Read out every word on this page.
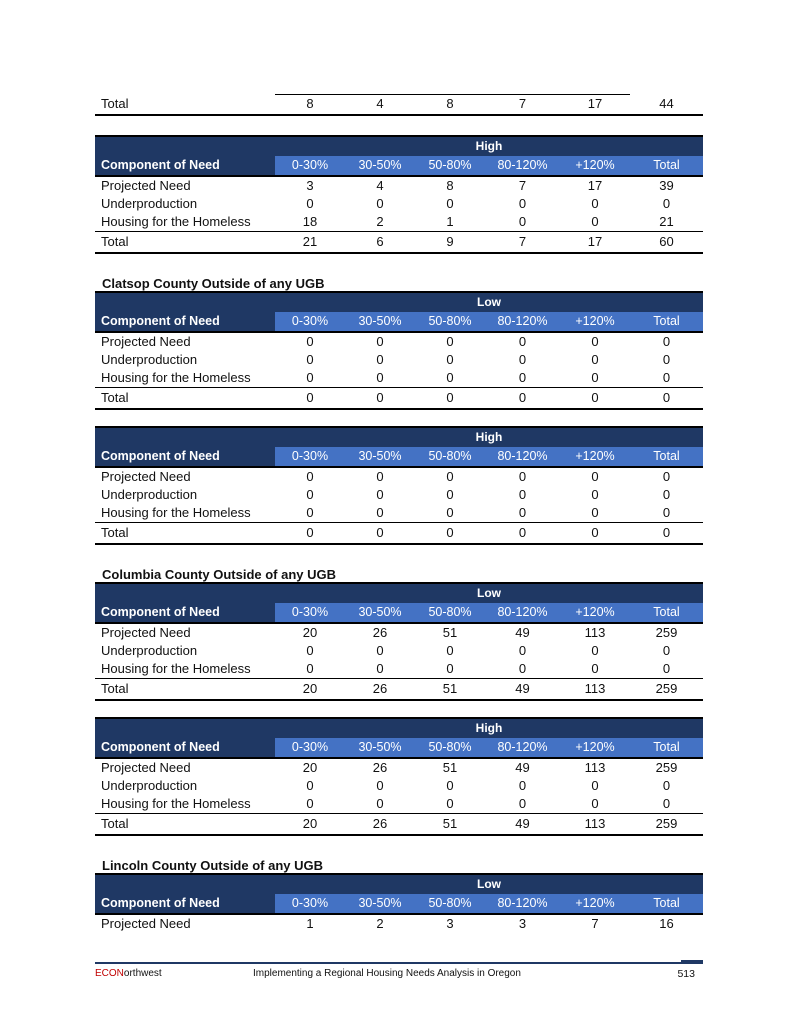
Total	8	4	8	7	17	44
High
Component of Need	0-30%	30-50%	50-80%	80-120%	+120%	Total
Projected Need	3	4	8	7	17	39
Underproduction	0	0	0	0	0	0
Housing for the Homeless	18	2	1	0	0	21
Total	21	6	9	7	17	60
Clatsop County Outside of any UGB
Low
Component of Need	0-30%	30-50%	50-80%	80-120%	+120%	Total
Projected Need	0	0	0	0	0	0
Underproduction	0	0	0	0	0	0
Housing for the Homeless	0	0	0	0	0	0
Total	0	0	0	0	0	0
High
Component of Need	0-30%	30-50%	50-80%	80-120%	+120%	Total
Projected Need	0	0	0	0	0	0
Underproduction	0	0	0	0	0	0
Housing for the Homeless	0	0	0	0	0	0
Total	0	0	0	0	0	0
Columbia County Outside of any UGB
Low
Component of Need	0-30%	30-50%	50-80%	80-120%	+120%	Total
Projected Need	20	26	51	49	113	259
Underproduction	0	0	0	0	0	0
Housing for the Homeless	0	0	0	0	0	0
Total	20	26	51	49	113	259
High
Component of Need	0-30%	30-50%	50-80%	80-120%	+120%	Total
Projected Need	20	26	51	49	113	259
Underproduction	0	0	0	0	0	0
Housing for the Homeless	0	0	0	0	0	0
Total	20	26	51	49	113	259
Lincoln County Outside of any UGB
Low
Component of Need	0-30%	30-50%	50-80%	80-120%	+120%	Total
Projected Need	1	2	3	3	7	16
ECONorthwest	Implementing a Regional Housing Needs Analysis in Oregon	513
